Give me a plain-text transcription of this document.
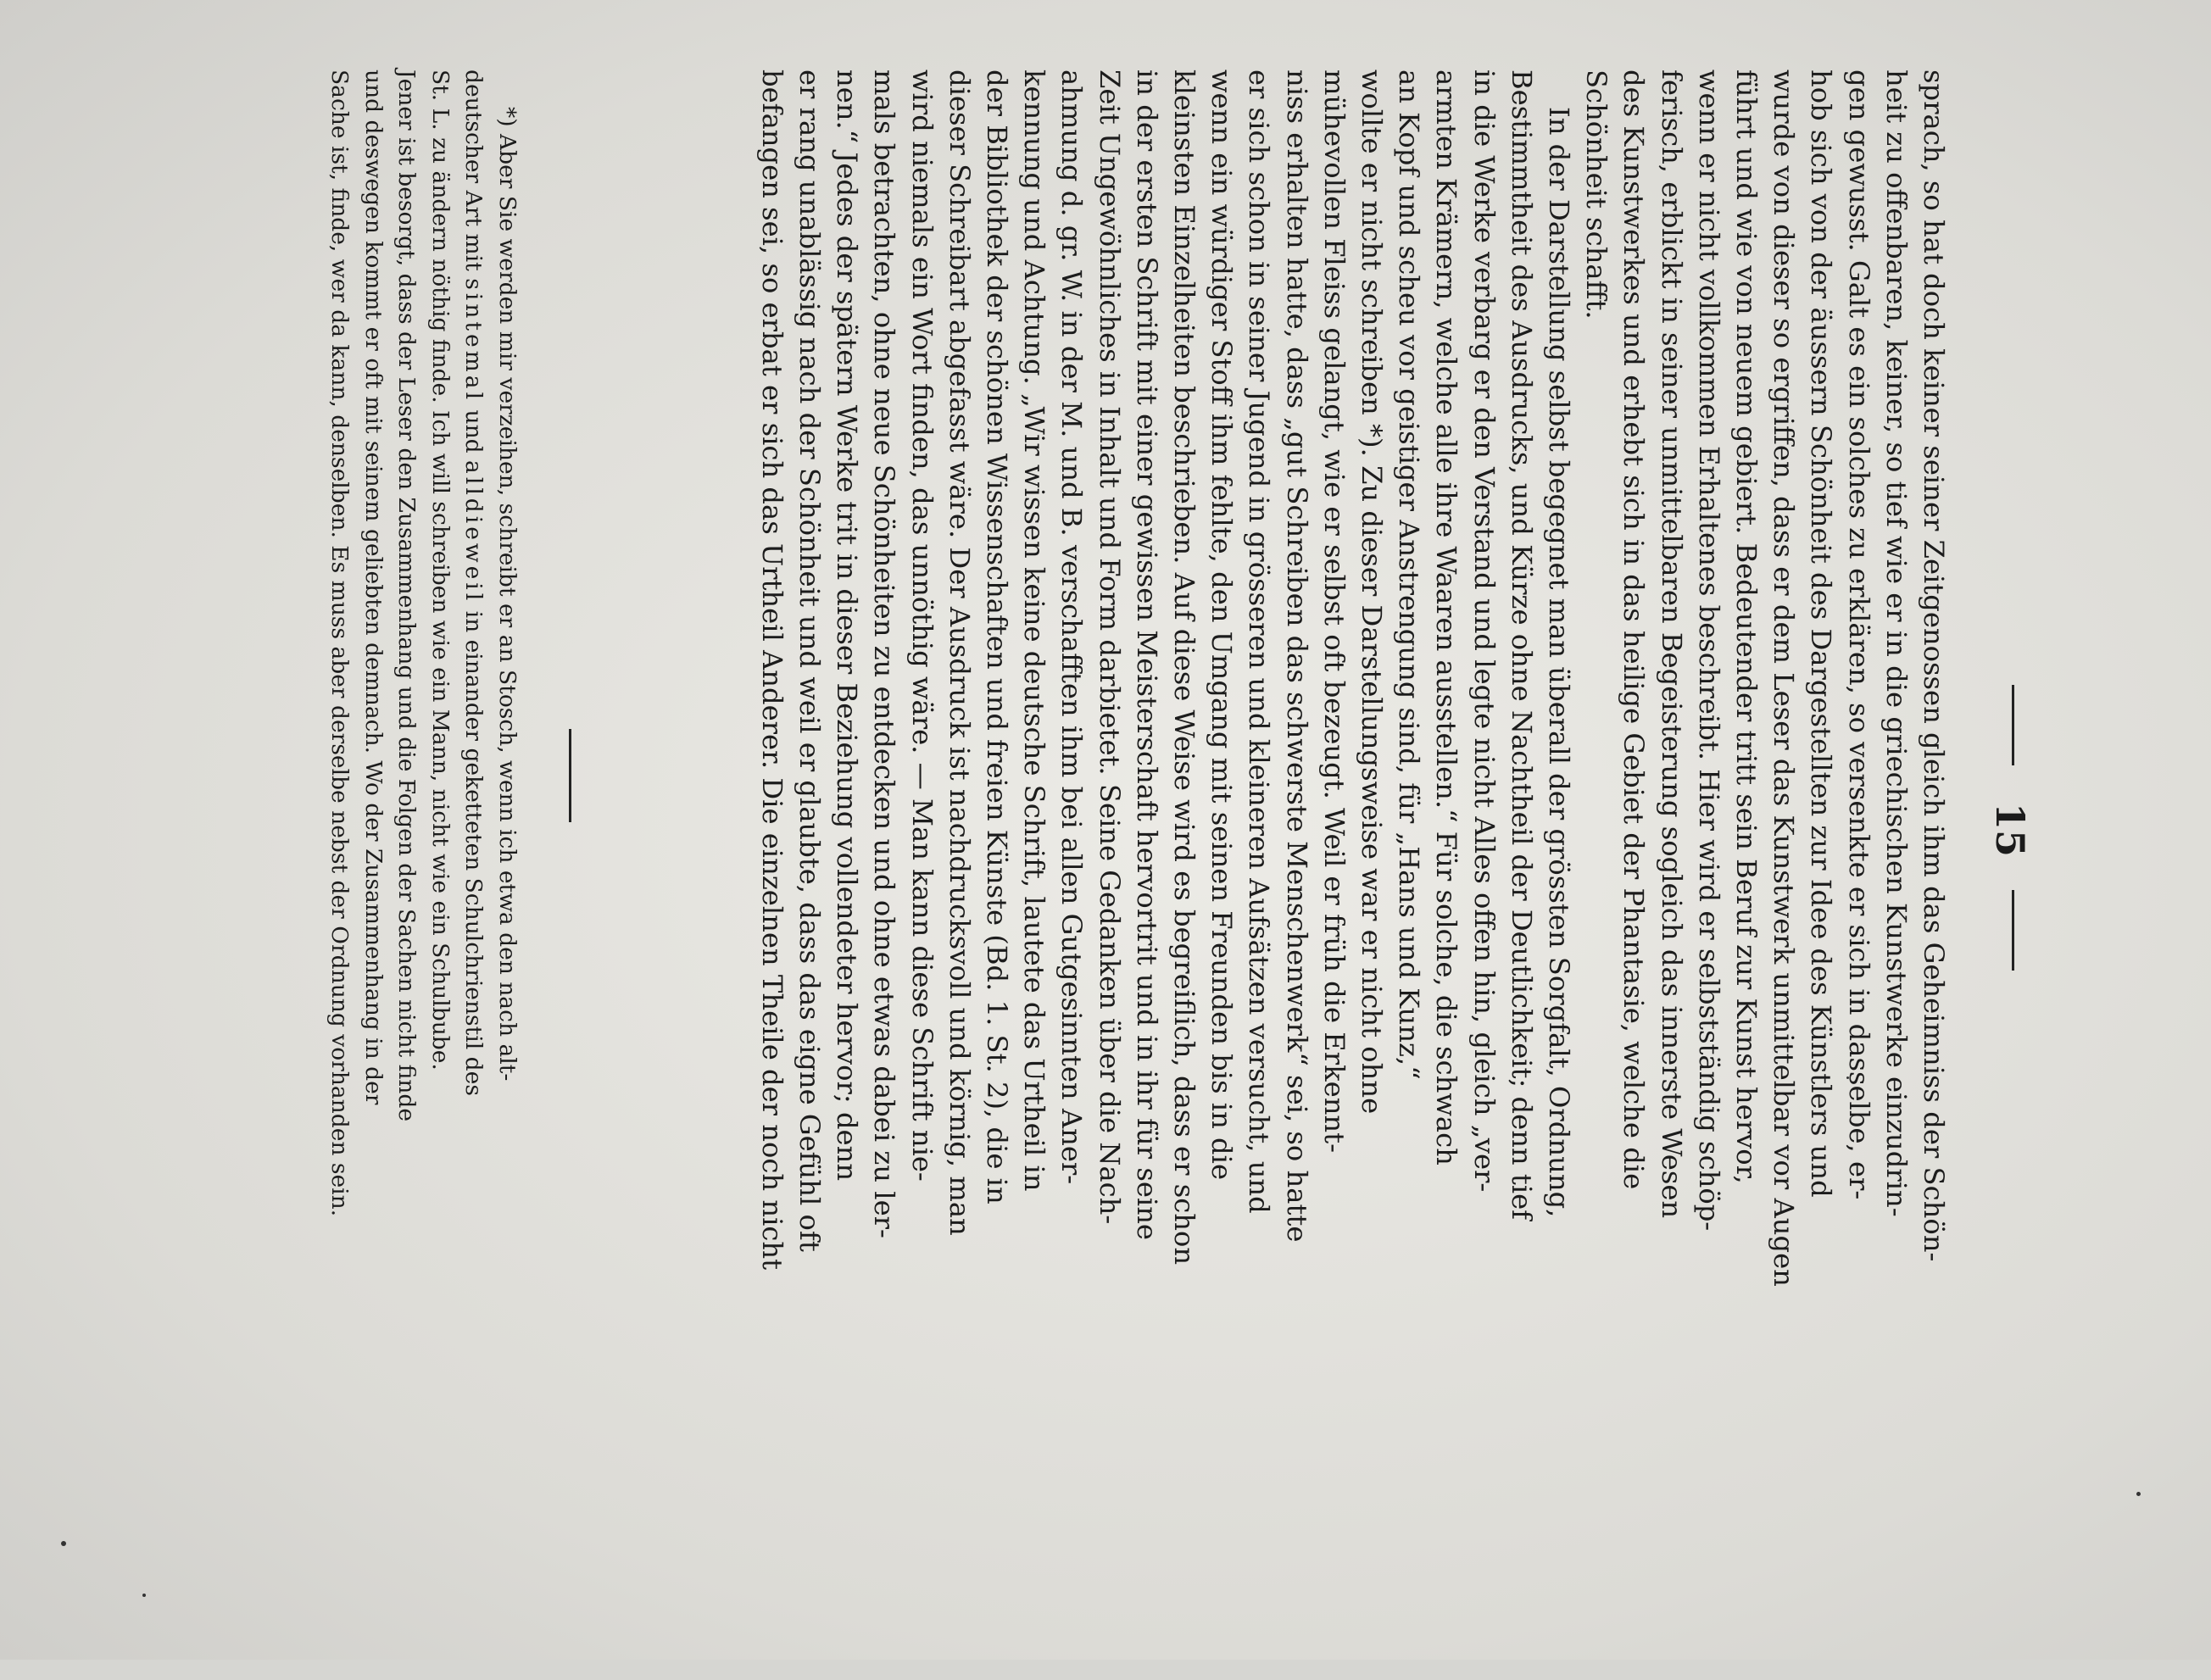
15
sprach, so hat doch keiner seiner Zeitgenossen gleich ihm das Geheimniss der Schön-
heit zu offenbaren, keiner, so tief wie er in die griechischen Kunstwerke einzudrin-
gen gewusst. Galt es ein solches zu erklären, so versenkte er sich in dasselbe, er-
hob sich von der äussern Schönheit des Dargestellten zur Idee des Künstlers und
wurde von dieser so ergriffen, dass er dem Leser das Kunstwerk unmittelbar vor Augen
führt und wie von neuem gebiert. Bedeutender tritt sein Beruf zur Kunst hervor,
wenn er nicht vollkommen Erhaltenes beschreibt. Hier wird er selbstständig schöp-
ferisch, erblickt in seiner unmittelbaren Begeisterung sogleich das innerste Wesen
des Kunstwerkes und erhebt sich in das heilige Gebiet der Phantasie, welche die
Schönheit schafft.
In der Darstellung selbst begegnet man überall der grössten Sorgfalt, Ordnung,
Bestimmtheit des Ausdrucks, und Kürze ohne Nachtheil der Deutlichkeit; denn tief
in die Werke verbarg er den Verstand und legte nicht Alles offen hin, gleich „ver-
armten Krämern, welche alle ihre Waaren ausstellen.“ Für solche, die schwach
an Kopf und scheu vor geistiger Anstrengung sind, für „Hans und Kunz,“
wollte er nicht schreiben *). Zu dieser Darstellungsweise war er nicht ohne
mühevollen Fleiss gelangt, wie er selbst oft bezeugt. Weil er früh die Erkennt-
niss erhalten hatte, dass „gut Schreiben das schwerste Menschenwerk“ sei, so hatte
er sich schon in seiner Jugend in grösseren und kleineren Aufsätzen versucht, und
wenn ein würdiger Stoff ihm fehlte, den Umgang mit seinen Freunden bis in die
kleinsten Einzelheiten beschrieben. Auf diese Weise wird es begreiflich, dass er schon
in der ersten Schrift mit einer gewissen Meisterschaft hervortrit und in ihr für seine
Zeit Ungewöhnliches in Inhalt und Form darbietet. Seine Gedanken über die Nach-
ahmung d. gr. W. in der M. und B. verschafften ihm bei allen Gutgesinnten Aner-
kennung und Achtung. „Wir wissen keine deutsche Schrift, lautete das Urtheil in
der Bibliothek der schönen Wissenschaften und freien Künste (Bd. 1. St. 2), die in
dieser Schreibart abgefasst wäre. Der Ausdruck ist nachdrucksvoll und körnig, man
wird niemals ein Wort finden, das unnöthig wäre. — Man kann diese Schrift nie-
mals betrachten, ohne neue Schönheiten zu entdecken und ohne etwas dabei zu ler-
nen.“ Jedes der spätern Werke trit in dieser Beziehung vollendeter hervor; denn
er rang unablässig nach der Schönheit und weil er glaubte, dass das eigne Gefühl oft
befangen sei, so erbat er sich das Urtheil Anderer. Die einzelnen Theile der noch nicht
*) Aber Sie werden mir verzeihen, schreibt er an Stosch, wenn ich etwa den nach alt-
deutscher Art mit sintemal und alldieweil in einander geketteten Schulchrienstil des
St. L. zu ändern nöthig finde. Ich will schreiben wie ein Mann, nicht wie ein Schulbube.
Jener ist besorgt, dass der Leser den Zusammenhang und die Folgen der Sachen nicht finde
und deswegen kommt er oft mit seinem geliebten demnach. Wo der Zusammenhang in der
Sache ist, finde, wer da kann, denselben. Es muss aber derselbe nebst der Ordnung vorhanden sein.
